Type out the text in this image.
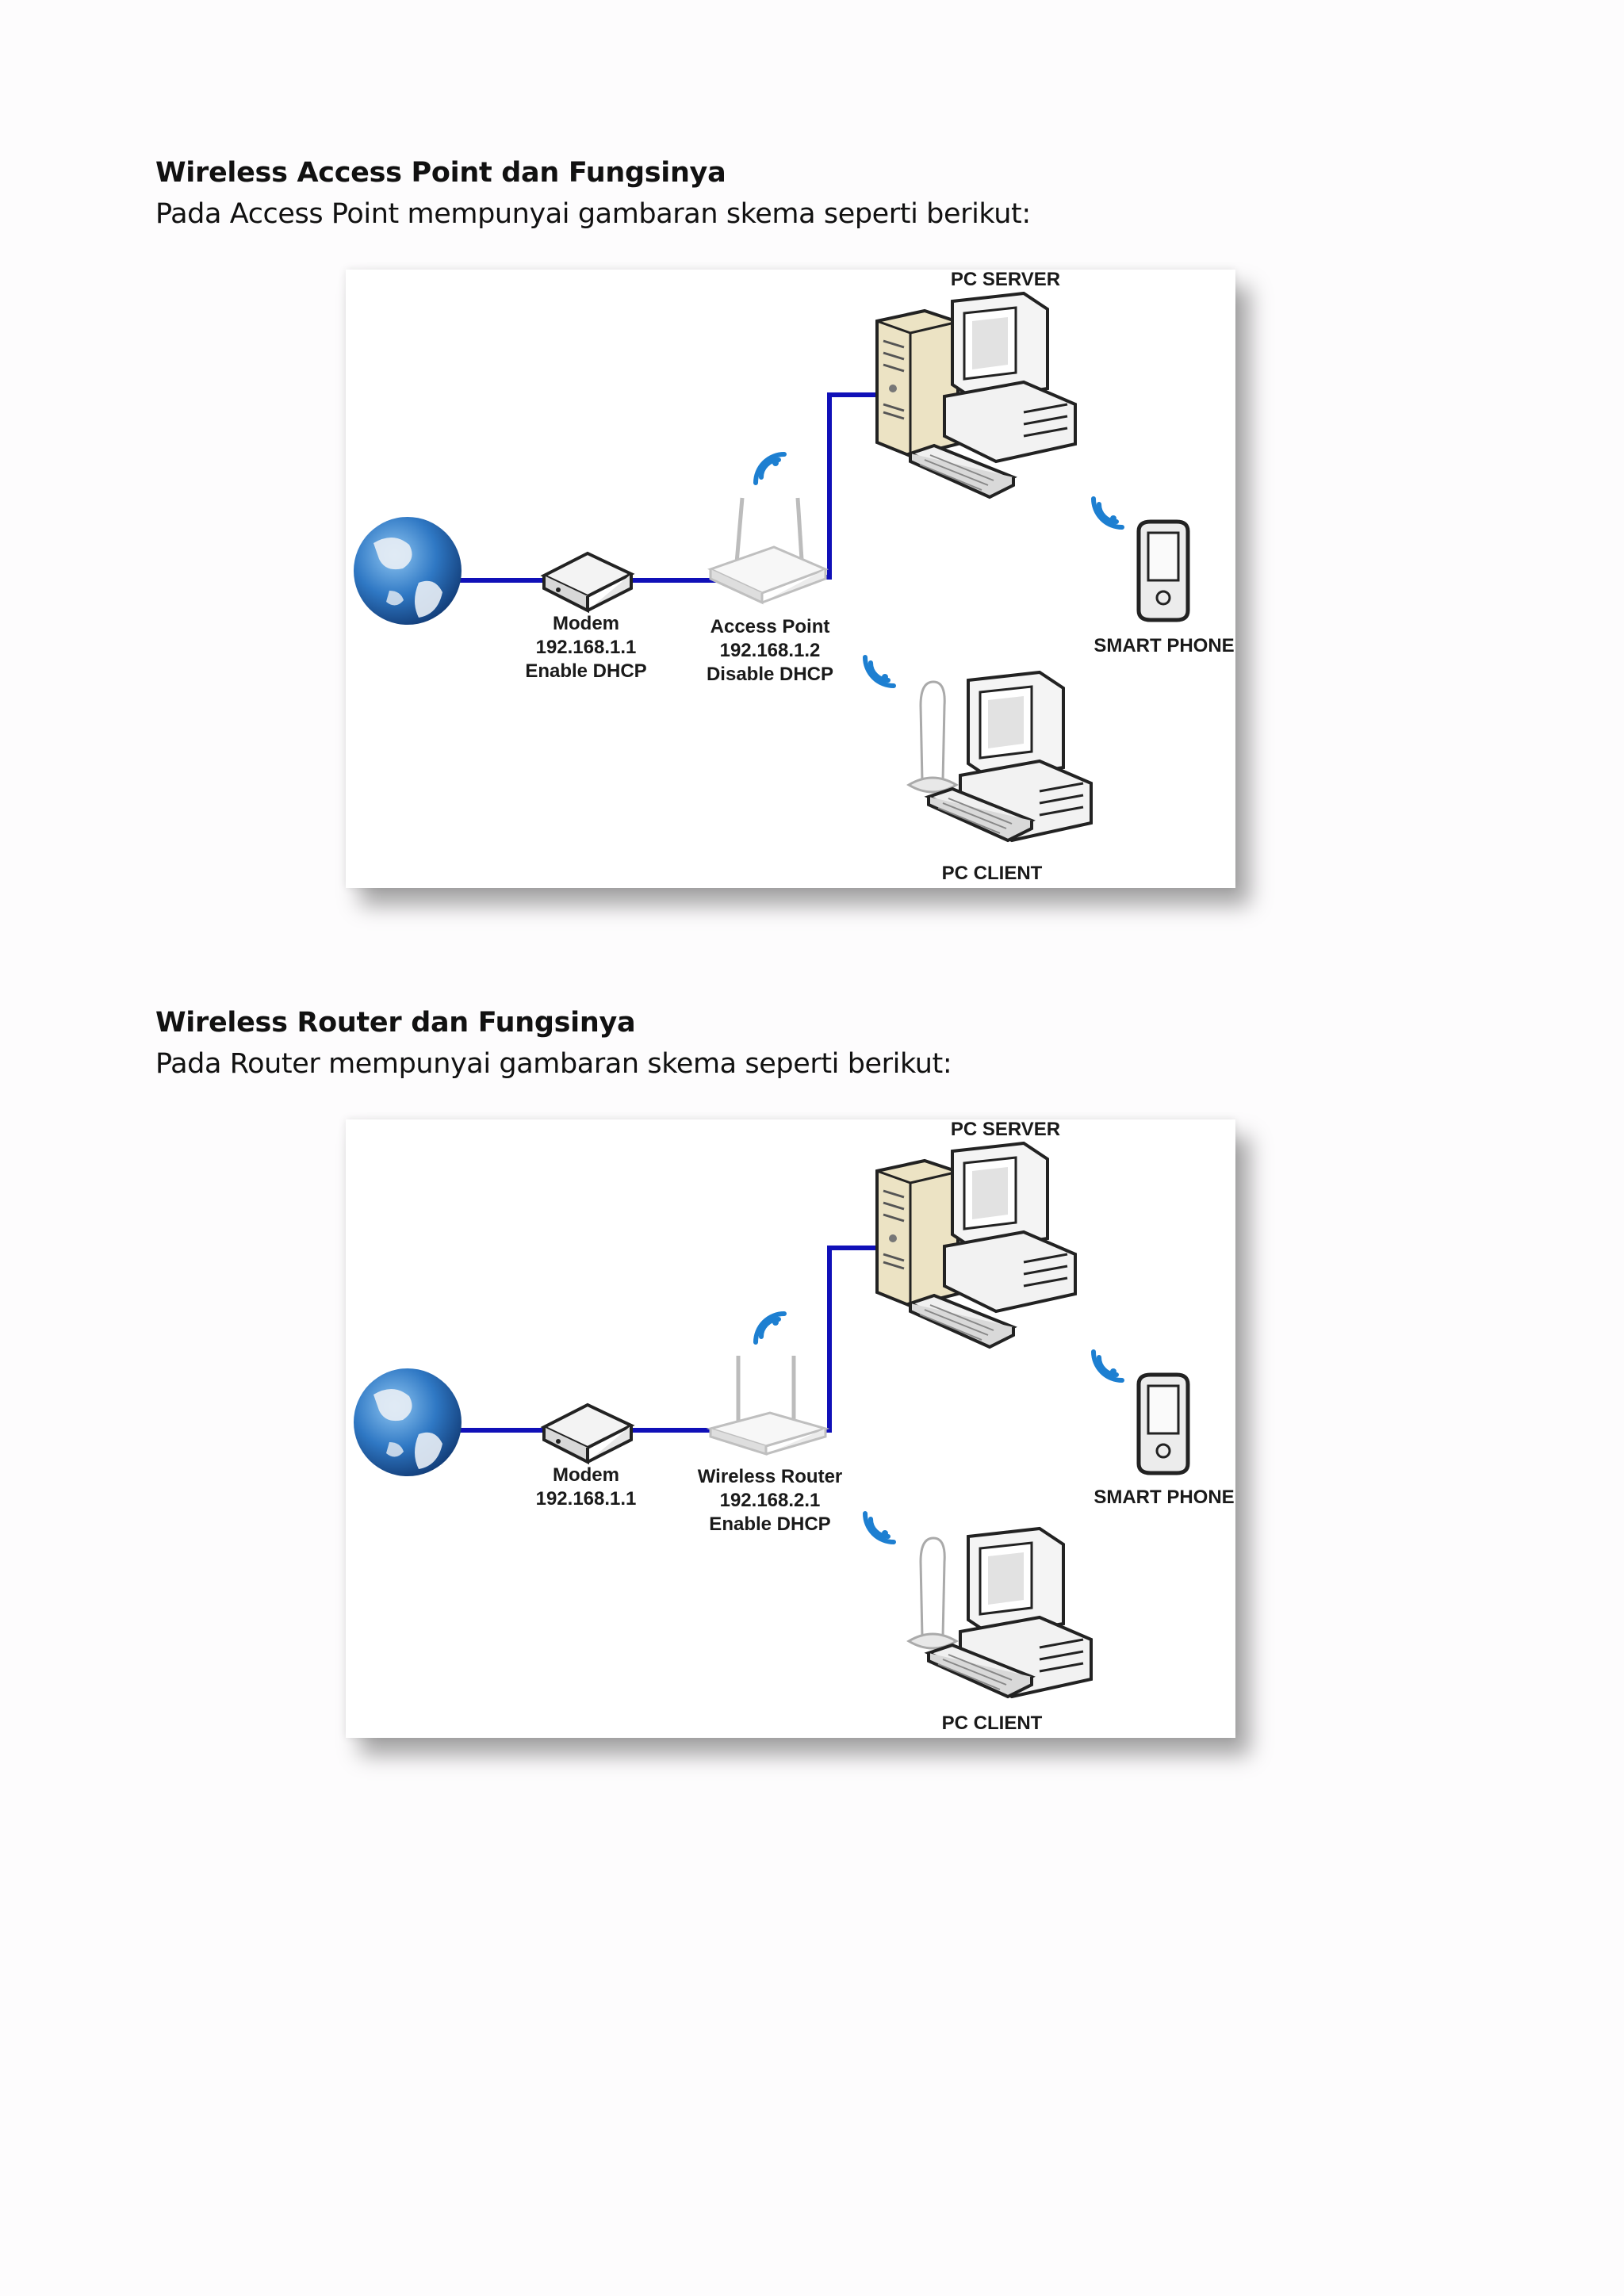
Wireless Access Point dan Fungsinya

Pada Access Point mempunyai gambaran skema seperti berikut:

PC SERVER

SMART PHONE

PC CLIENT

Modem
192.168.1.1
Enable DHCP
Access Point
192.168.1.2
Disable DHCP
Wireless Router dan Fungsinya

Pada Router mempunyai gambaran skema seperti berikut:

PC SERVER

SMART PHONE

PC CLIENT

Modem
192.168.1.1
Wireless Router
192.168.2.1
Enable DHCP
